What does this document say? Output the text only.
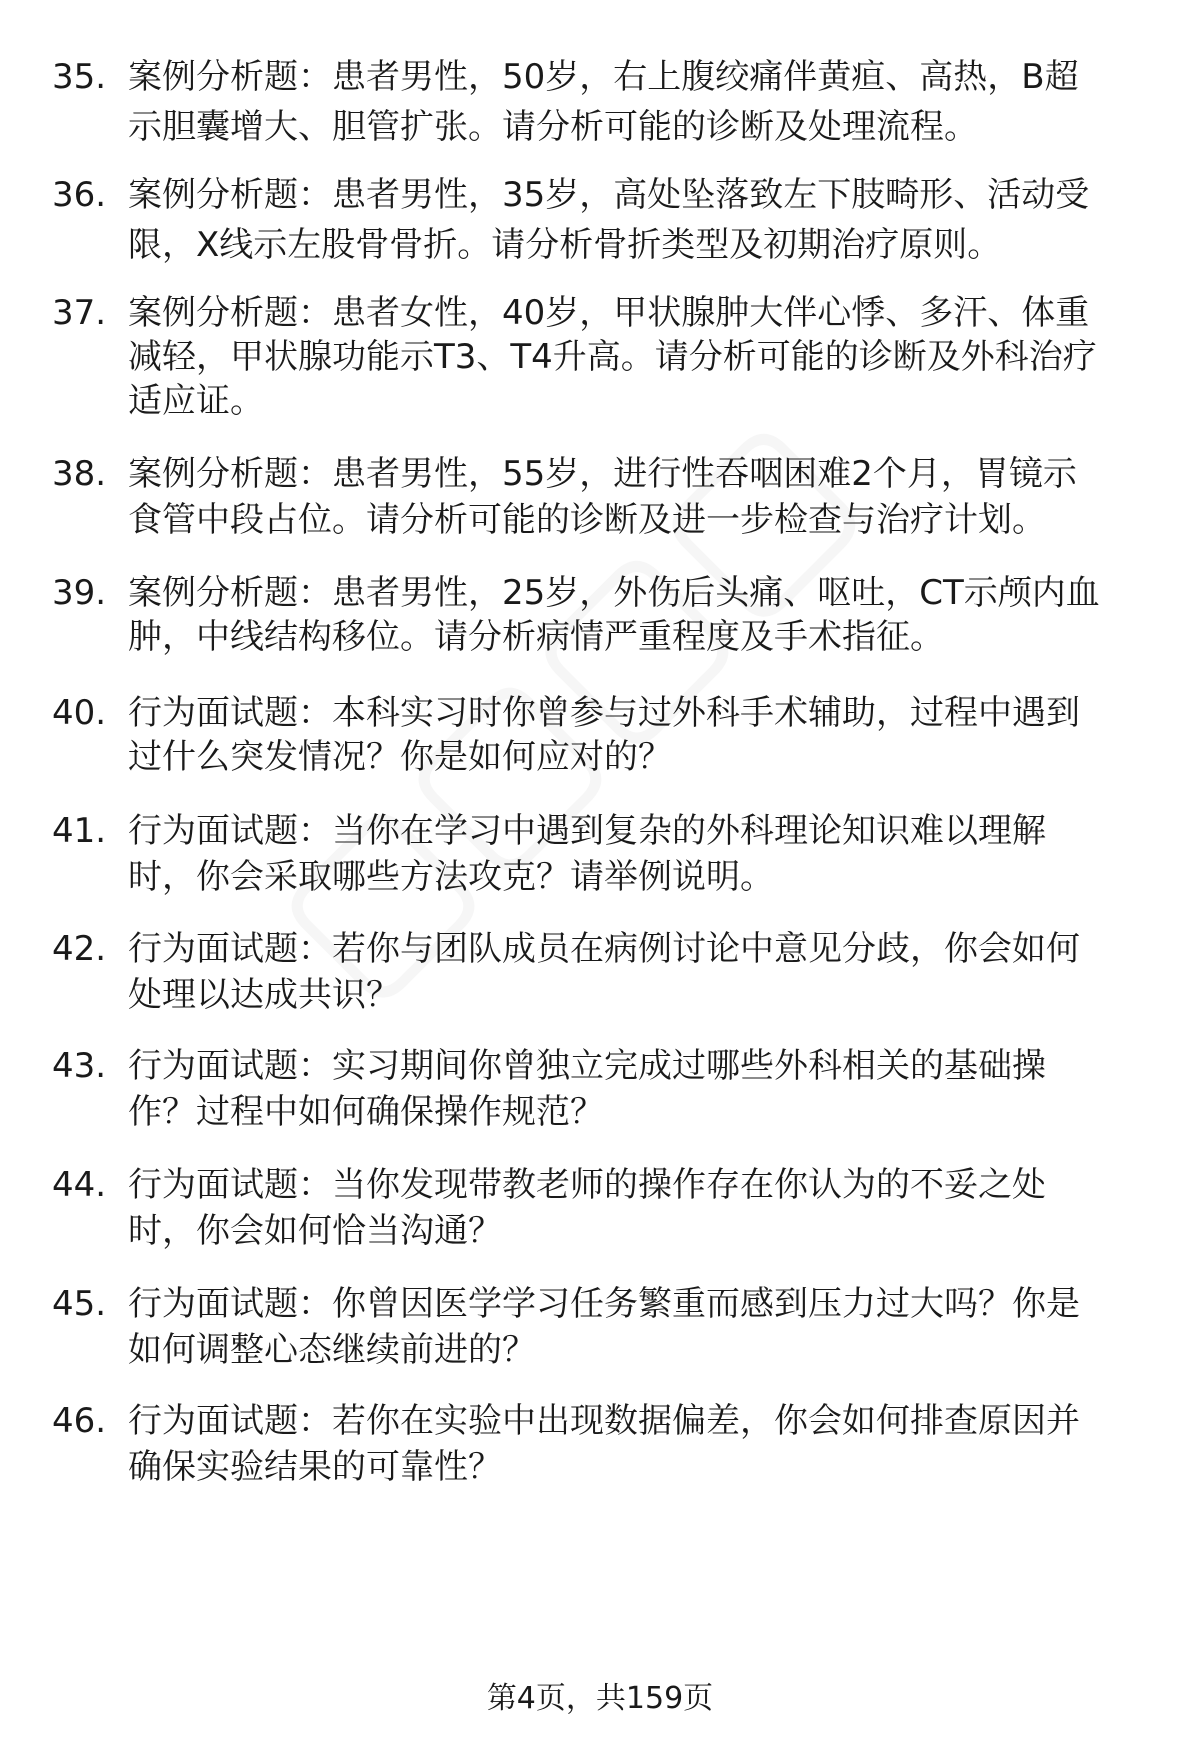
35. 案例分析题：患者男性，50岁，右上腹绞痛伴黄疸、高热，B超
示胆囊增大、胆管扩张。请分析可能的诊断及处理流程。
36. 案例分析题：患者男性，35岁，高处坠落致左下肢畸形、活动受
限，X线示左股骨骨折。请分析骨折类型及初期治疗原则。
37. 案例分析题：患者女性，40岁，甲状腺肿大伴心悸、多汗、体重
减轻，甲状腺功能示T3、T4升高。请分析可能的诊断及外科治疗
适应证。
38. 案例分析题：患者男性，55岁，进行性吞咽困难2个月，胃镜示
食管中段占位。请分析可能的诊断及进一步检查与治疗计划。
39. 案例分析题：患者男性，25岁，外伤后头痛、呕吐，CT示颅内血
肿，中线结构移位。请分析病情严重程度及手术指征。
40. 行为面试题：本科实习时你曾参与过外科手术辅助，过程中遇到
过什么突发情况？你是如何应对的？
41. 行为面试题：当你在学习中遇到复杂的外科理论知识难以理解
时，你会采取哪些方法攻克？请举例说明。
42. 行为面试题：若你与团队成员在病例讨论中意见分歧，你会如何
处理以达成共识？
43. 行为面试题：实习期间你曾独立完成过哪些外科相关的基础操
作？过程中如何确保操作规范？
44. 行为面试题：当你发现带教老师的操作存在你认为的不妥之处
时，你会如何恰当沟通？
45. 行为面试题：你曾因医学学习任务繁重而感到压力过大吗？你是
如何调整心态继续前进的？
46. 行为面试题：若你在实验中出现数据偏差，你会如何排查原因并
确保实验结果的可靠性？
第4页，共159页
